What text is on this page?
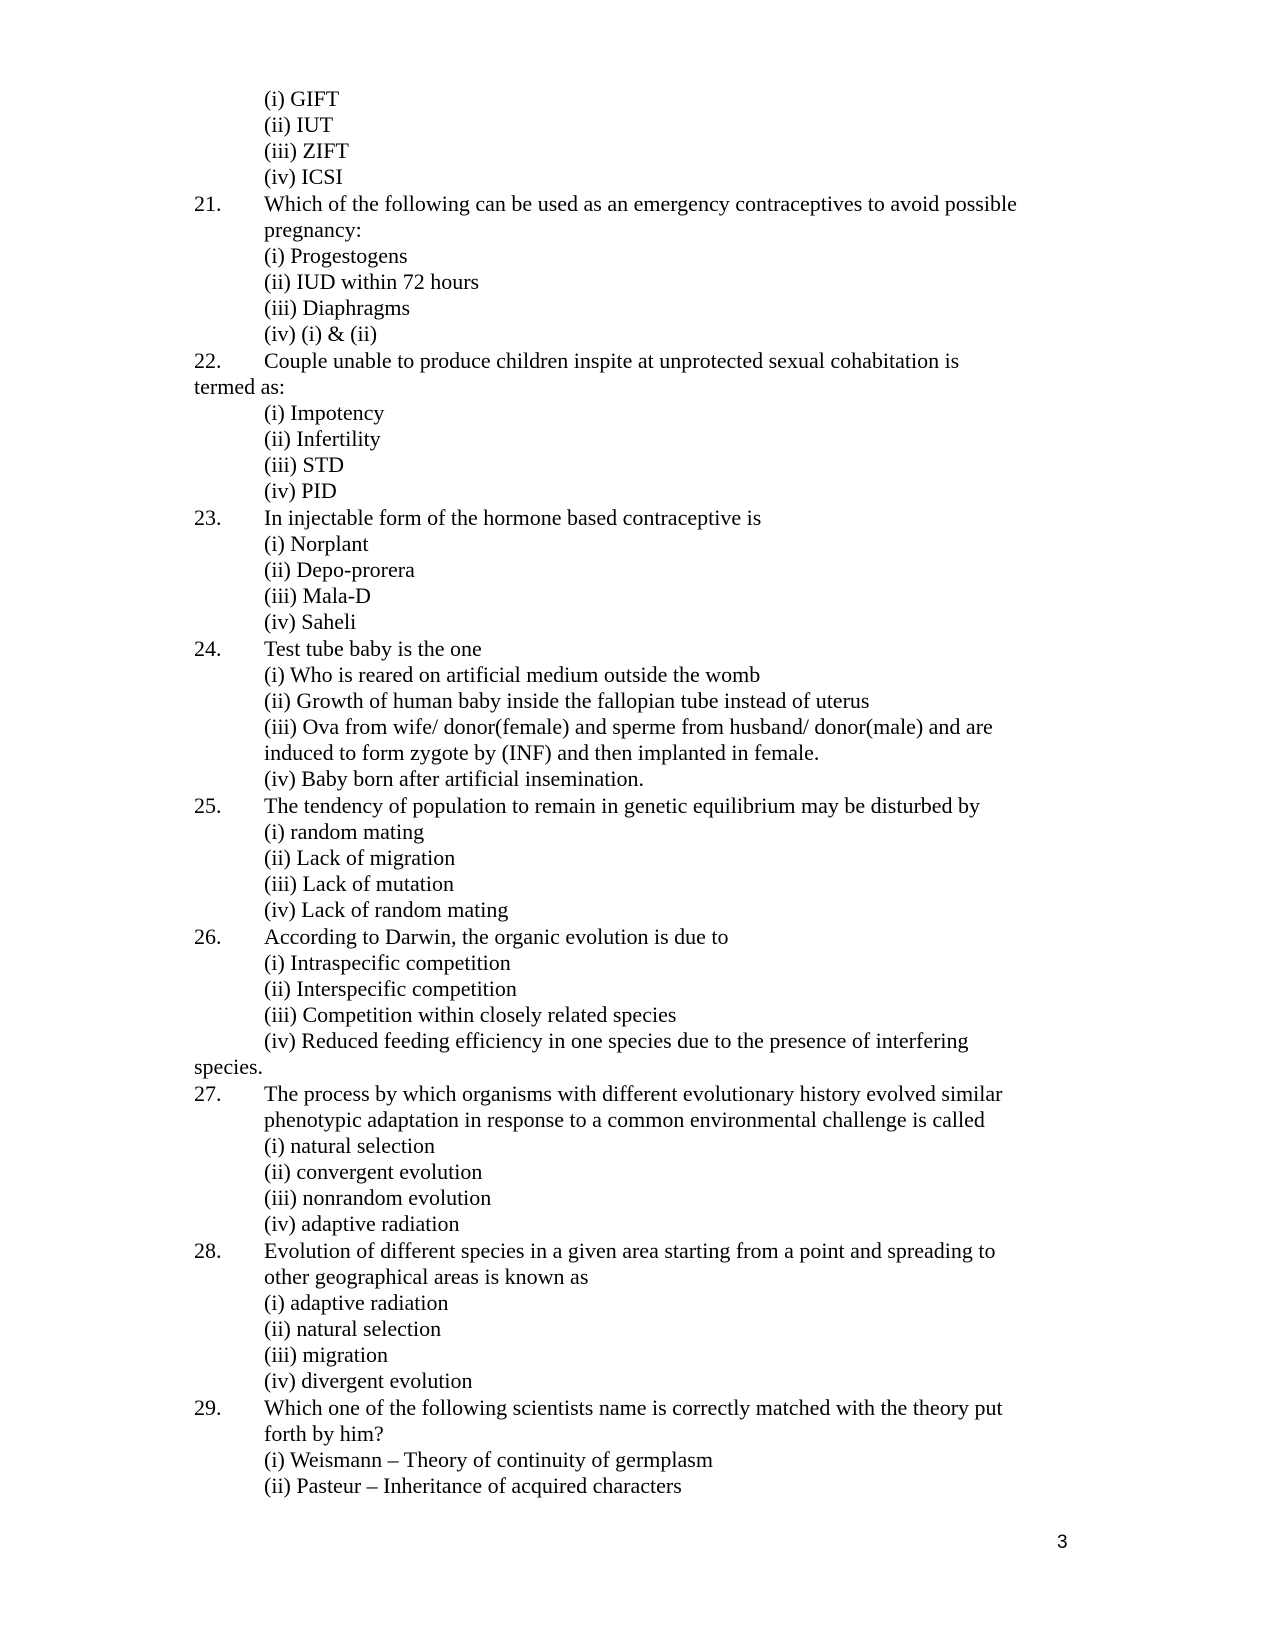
(i) GIFT
(ii) IUT
(iii) ZIFT
(iv) ICSI
21. Which of the following can be used as an emergency contraceptives to avoid possible
pregnancy:
(i) Progestogens
(ii) IUD within 72 hours
(iii) Diaphragms
(iv) (i) & (ii)
22. Couple unable to produce children inspite at unprotected sexual cohabitation is
termed as:
(i) Impotency
(ii) Infertility
(iii) STD
(iv) PID
23. In injectable form of the hormone based contraceptive is
(i) Norplant
(ii) Depo-prorera
(iii) Mala-D
(iv) Saheli
24. Test tube baby is the one
(i) Who is reared on artificial medium outside the womb
(ii) Growth of human baby inside the fallopian tube instead of uterus
(iii) Ova from wife/ donor(female) and sperme from husband/ donor(male) and are
induced to form zygote by (INF) and then implanted in female.
(iv) Baby born after artificial insemination.
25. The tendency of population to remain in genetic equilibrium may be disturbed by
(i) random mating
(ii) Lack of migration
(iii) Lack of mutation
(iv) Lack of random mating
26. According to Darwin, the organic evolution is due to
(i) Intraspecific competition
(ii) Interspecific competition
(iii) Competition within closely related species
(iv) Reduced feeding efficiency in one species due to the presence of interfering
species.
27. The process by which organisms with different evolutionary history evolved similar
phenotypic adaptation in response to a common environmental challenge is called
(i) natural selection
(ii) convergent evolution
(iii) nonrandom evolution
(iv) adaptive radiation
28. Evolution of different species in a given area starting from a point and spreading to
other geographical areas is known as
(i) adaptive radiation
(ii) natural selection
(iii) migration
(iv) divergent evolution
29. Which one of the following scientists name is correctly matched with the theory put
forth by him?
(i) Weismann – Theory of continuity of germplasm
(ii) Pasteur – Inheritance of acquired characters
3
